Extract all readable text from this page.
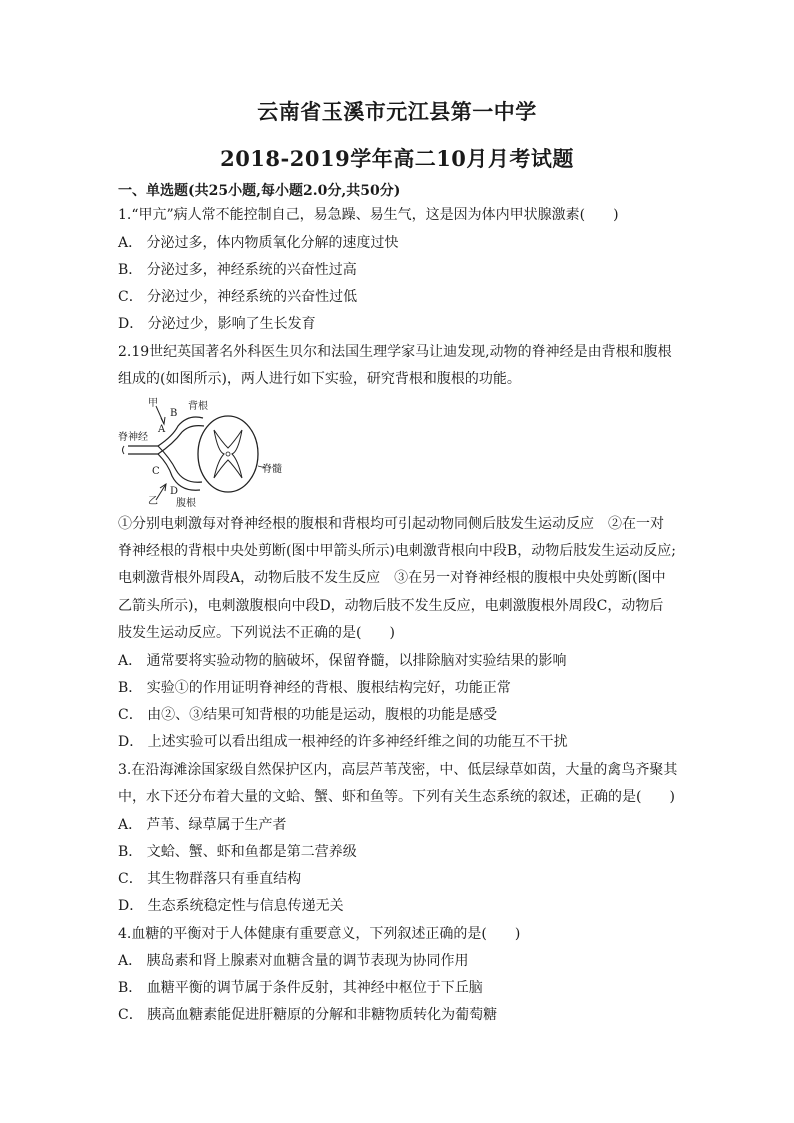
云南省玉溪市元江县第一中学
2018-2019学年高二10月月考试题
一、单选题(共25小题,每小题2.0分,共50分)
1.“甲亢”病人常不能控制自己，易急躁、易生气，这是因为体内甲状腺激素(　　)
A． 分泌过多，体内物质氧化分解的速度过快
B． 分泌过多，神经系统的兴奋性过高
C． 分泌过少，神经系统的兴奋性过低
D． 分泌过少，影响了生长发育
2.19世纪英国著名外科医生贝尔和法国生理学家马让迪发现,动物的脊神经是由背根和腹根
组成的(如图所示)，两人进行如下实验，研究背根和腹根的功能。
甲
B
背根
A
脊神经
脊髓
C
乙
D
腹根
①分别电刺激每对脊神经根的腹根和背根均可引起动物同侧后肢发生运动反应　②在一对
脊神经根的背根中央处剪断(图中甲箭头所示)电刺激背根向中段B，动物后肢发生运动反应;
电刺激背根外周段A，动物后肢不发生反应　③在另一对脊神经根的腹根中央处剪断(图中
乙箭头所示)，电刺激腹根向中段D，动物后肢不发生反应，电刺激腹根外周段C，动物后
肢发生运动反应。下列说法不正确的是(　　)
A． 通常要将实验动物的脑破坏，保留脊髓，以排除脑对实验结果的影响
B． 实验①的作用证明脊神经的背根、腹根结构完好，功能正常
C． 由②、③结果可知背根的功能是运动，腹根的功能是感受
D． 上述实验可以看出组成一根神经的许多神经纤维之间的功能互不干扰
3.在沿海滩涂国家级自然保护区内，高层芦苇茂密，中、低层绿草如茵，大量的禽鸟齐聚其
中，水下还分布着大量的文蛤、蟹、虾和鱼等。下列有关生态系统的叙述，正确的是(　　)
A． 芦苇、绿草属于生产者
B． 文蛤、蟹、虾和鱼都是第二营养级
C． 其生物群落只有垂直结构
D． 生态系统稳定性与信息传递无关
4.血糖的平衡对于人体健康有重要意义，下列叙述正确的是(　　)
A． 胰岛素和肾上腺素对血糖含量的调节表现为协同作用
B． 血糖平衡的调节属于条件反射，其神经中枢位于下丘脑
C． 胰高血糖素能促进肝糖原的分解和非糖物质转化为葡萄糖
